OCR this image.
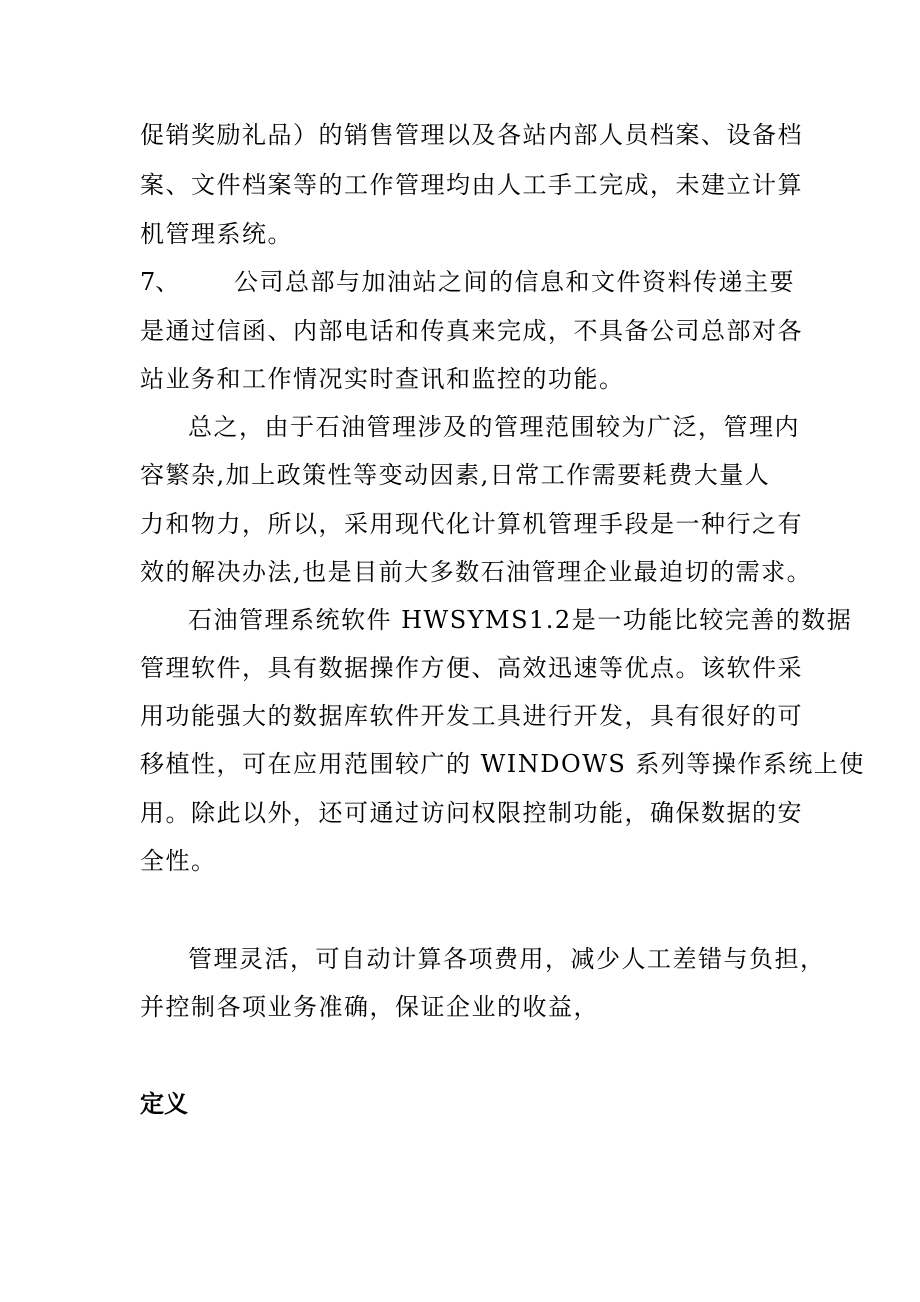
促销奖励礼品）的销售管理以及各站内部人员档案、设备档
案、文件档案等的工作管理均由人工手工完成，未建立计算
机管理系统。
7、 公司总部与加油站之间的信息和文件资料传递主要
是通过信函、内部电话和传真来完成，不具备公司总部对各
站业务和工作情况实时查讯和监控的功能。
总之，由于石油管理涉及的管理范围较为广泛，管理内
容繁杂,加上政策性等变动因素,日常工作需要耗费大量人
力和物力，所以，采用现代化计算机管理手段是一种行之有
效的解决办法,也是目前大多数石油管理企业最迫切的需求。
石油管理系统软件 HWSYMS1.2是一功能比较完善的数据
管理软件，具有数据操作方便、高效迅速等优点。该软件采
用功能强大的数据库软件开发工具进行开发，具有很好的可
移植性，可在应用范围较广的 WINDOWS 系列等操作系统上使
用。除此以外，还可通过访问权限控制功能，确保数据的安
全性。
管理灵活，可自动计算各项费用，减少人工差错与负担，
并控制各项业务准确，保证企业的收益，
定义
